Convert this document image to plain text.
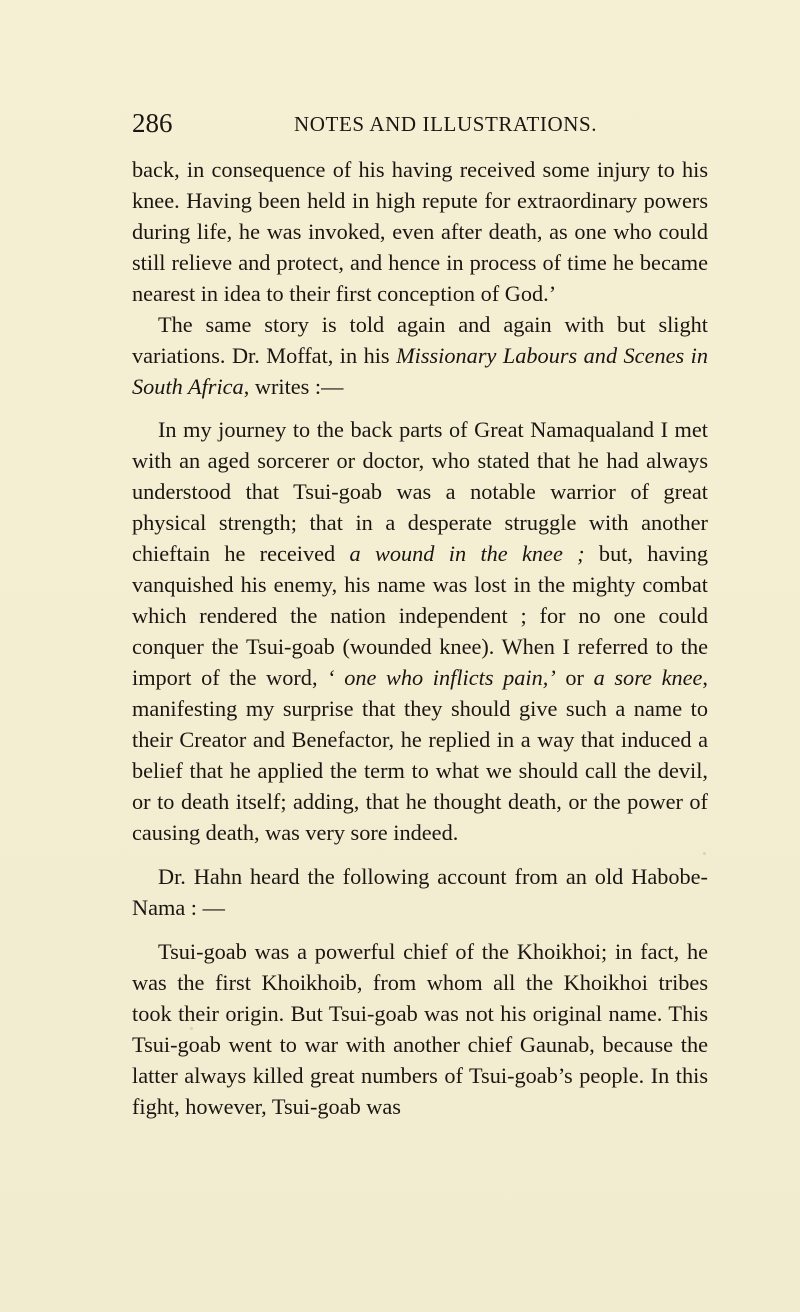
286	NOTES AND ILLUSTRATIONS.

back, in consequence of his having received some injury to his knee. Having been held in high repute for extraordinary powers during life, he was invoked, even after death, as one who could still relieve and protect, and hence in process of time he became nearest in idea to their first conception of God.’

The same story is told again and again with but slight variations. Dr. Moffat, in his Missionary Labours and Scenes in South Africa, writes :—

In my journey to the back parts of Great Namaqualand I met with an aged sorcerer or doctor, who stated that he had always understood that Tsui-goab was a notable warrior of great physical strength; that in a desperate struggle with another chieftain he received a wound in the knee ; but, having vanquished his enemy, his name was lost in the mighty combat which rendered the nation independent ; for no one could conquer the Tsui-goab (wounded knee). When I referred to the import of the word, ‘ one who inflicts pain,’ or a sore knee, manifesting my surprise that they should give such a name to their Creator and Benefactor, he replied in a way that induced a belief that he applied the term to what we should call the devil, or to death itself; adding, that he thought death, or the power of causing death, was very sore indeed.

Dr. Hahn heard the following account from an old Habobe-Nama : —

Tsui-goab was a powerful chief of the Khoikhoi; in fact, he was the first Khoikhoib, from whom all the Khoikhoi tribes took their origin. But Tsui-goab was not his original name. This Tsui-goab went to war with another chief Gaunab, because the latter always killed great numbers of Tsui-goab’s people. In this fight, however, Tsui-goab was
